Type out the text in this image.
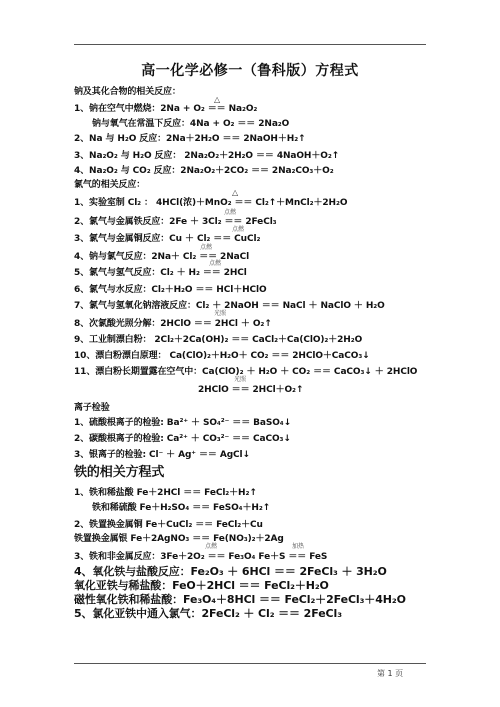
高一化学必修一（鲁科版）方程式
钠及其化合物的相关反应：
△
1、钠在空气中燃烧：2Na + O₂ ＝＝ Na₂O₂
钠与氧气在常温下反应：4Na + O₂ ＝＝ 2Na₂O
2、Na 与 H₂O 反应：2Na＋2H₂O ＝＝ 2NaOH＋H₂↑
3、Na₂O₂ 与 H₂O 反应： 2Na₂O₂＋2H₂O ＝＝ 4NaOH＋O₂↑
4、Na₂O₂ 与 CO₂ 反应：2Na₂O₂＋2CO₂ ＝＝ 2Na₂CO₃＋O₂
氯气的相关反应：
△
1、实验室制 Cl₂ ： 4HCl(浓)＋MnO₂ ＝＝ Cl₂↑＋MnCl₂＋2H₂O
点燃
2、氯气与金属铁反应：2Fe ＋ 3Cl₂ ＝＝ 2FeCl₃
点燃
3、氯气与金属铜反应：Cu ＋ Cl₂ ＝＝ CuCl₂
点燃
4、钠与氯气反应：2Na＋ Cl₂ ＝＝ 2NaCl
点燃
5、氯气与氢气反应：Cl₂ ＋ H₂ ＝＝ 2HCl
6、氯气与水反应：Cl₂＋H₂O ＝＝ HCl＋HClO
7、氯气与氢氧化钠溶液反应：Cl₂ ＋ 2NaOH ＝＝ NaCl ＋ NaClO ＋ H₂O
光照
8、次氯酸光照分解：2HClO ＝＝ 2HCl ＋ O₂↑
9、工业制漂白粉： 2Cl₂＋2Ca(OH)₂ ＝＝ CaCl₂＋Ca(ClO)₂＋2H₂O
10、漂白粉漂白原理： Ca(ClO)₂＋H₂O＋ CO₂ ＝＝ 2HClO＋CaCO₃↓
11、漂白粉长期置露在空气中：Ca(ClO)₂ ＋ H₂O ＋ CO₂ ＝＝ CaCO₃↓ ＋ 2HClO
光照
2HClO ＝＝ 2HCl＋O₂↑
离子检验
1、硫酸根离子的检验: Ba²⁺ ＋ SO₄²⁻ ＝＝ BaSO₄↓
2、碳酸根离子的检验: Ca²⁺ ＋ CO₃²⁻ ＝＝ CaCO₃↓
3、银离子的检验: Cl⁻ ＋ Ag⁺ ＝＝ AgCl↓
铁的相关方程式
1、铁和稀盐酸 Fe＋2HCl ＝＝ FeCl₂＋H₂↑
铁和稀硫酸 Fe＋H₂SO₄ ＝＝ FeSO₄＋H₂↑
2、铁置换金属铜 Fe＋CuCl₂ ＝＝ FeCl₂＋Cu
铁置换金属银 Fe＋2AgNO₃ ＝＝ Fe(NO₃)₂＋2Ag
点燃	加热
3、铁和非金属反应：3Fe＋2O₂ ＝＝ Fe₃O₄ Fe＋S ＝＝ FeS
4、氧化铁与盐酸反应：Fe₂O₃ ＋ 6HCl ＝＝ 2FeCl₃ ＋ 3H₂O
氧化亚铁与稀盐酸：FeO＋2HCl ＝＝ FeCl₂＋H₂O
磁性氧化铁和稀盐酸：Fe₃O₄＋8HCl ＝＝ FeCl₂＋2FeCl₃＋4H₂O
5、氯化亚铁中通入氯气：2FeCl₂ ＋ Cl₂ ＝＝ 2FeCl₃
第 1 页
